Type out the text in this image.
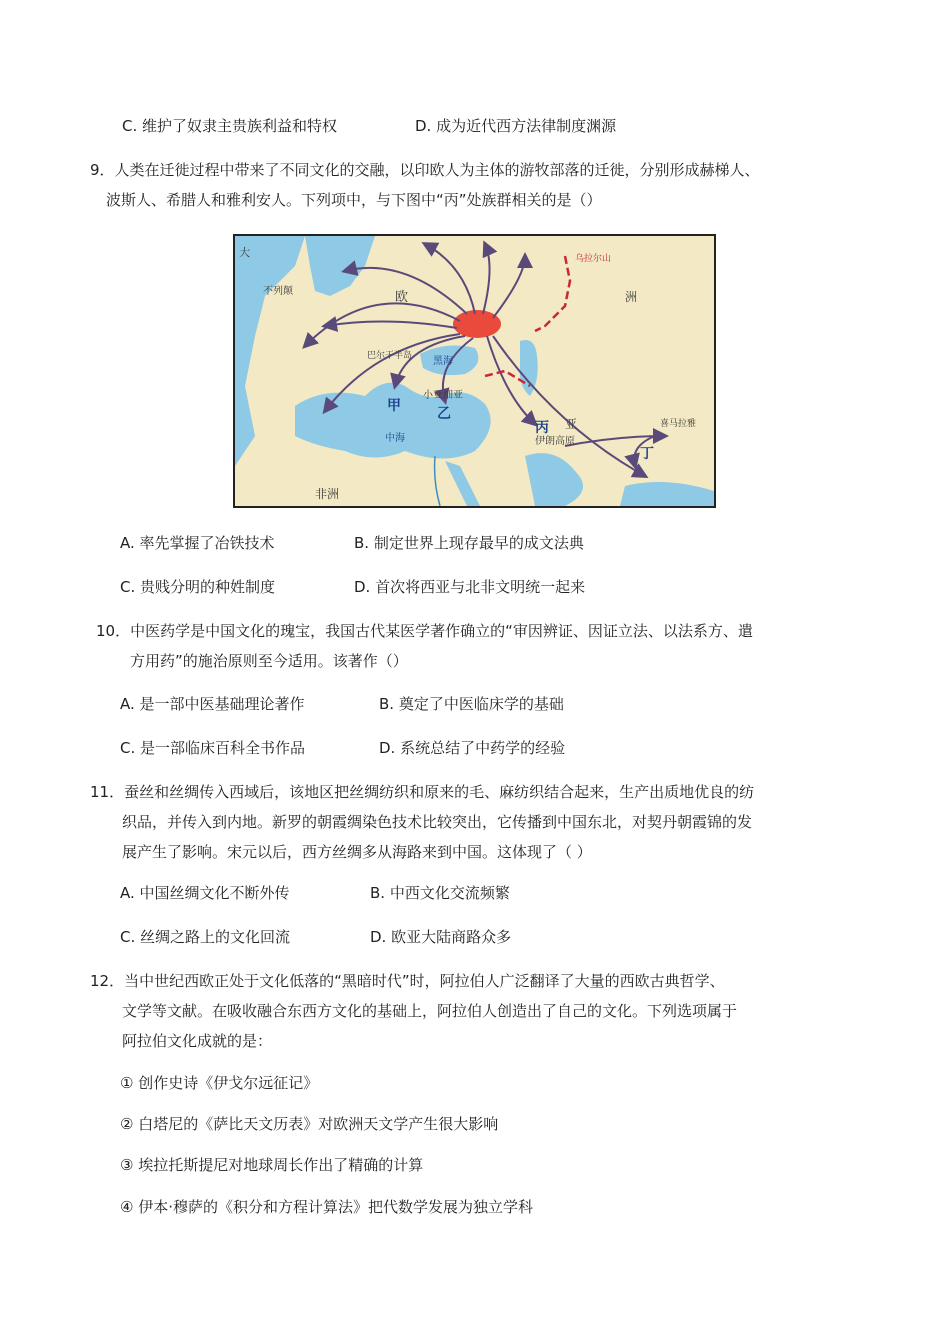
C. 维护了奴隶主贵族利益和特权	D. 成为近代西方法律制度渊源
9．人类在迁徙过程中带来了不同文化的交融，以印欧人为主体的游牧部落的迁徙，分别形成赫梯人、
波斯人、希腊人和雅利安人。下列项中，与下图中“丙”处族群相关的是（）
大
不列颠	欧	洲
乌拉尔山
巴尔干半岛 黑海
小亚细亚
甲	乙
中海
丙 亚
伊朗高原
喜马拉雅
丁
非洲
A. 率先掌握了冶铁技术	B. 制定世界上现存最早的成文法典
C. 贵贱分明的种姓制度	D. 首次将西亚与北非文明统一起来
10．中医药学是中国文化的瑰宝，我国古代某医学著作确立的“审因辨证、因证立法、以法系方、遣
方用药”的施治原则至今适用。该著作（）
A. 是一部中医基础理论著作	B. 奠定了中医临床学的基础
C. 是一部临床百科全书作品	D. 系统总结了中药学的经验
11．蚕丝和丝绸传入西域后，该地区把丝绸纺织和原来的毛、麻纺织结合起来，生产出质地优良的纺
织品，并传入到内地。新罗的朝霞绸染色技术比较突出，它传播到中国东北，对契丹朝霞锦的发
展产生了影响。宋元以后，西方丝绸多从海路来到中国。这体现了（ ）
A. 中国丝绸文化不断外传	B. 中西文化交流频繁
C. 丝绸之路上的文化回流	D. 欧亚大陆商路众多
12．当中世纪西欧正处于文化低落的“黑暗时代”时，阿拉伯人广泛翻译了大量的西欧古典哲学、
文学等文献。在吸收融合东西方文化的基础上，阿拉伯人创造出了自己的文化。下列选项属于
阿拉伯文化成就的是：
① 创作史诗《伊戈尔远征记》
② 白塔尼的《萨比天文历表》对欧洲天文学产生很大影响
③ 埃拉托斯提尼对地球周长作出了精确的计算
④ 伊本·穆萨的《积分和方程计算法》把代数学发展为独立学科
